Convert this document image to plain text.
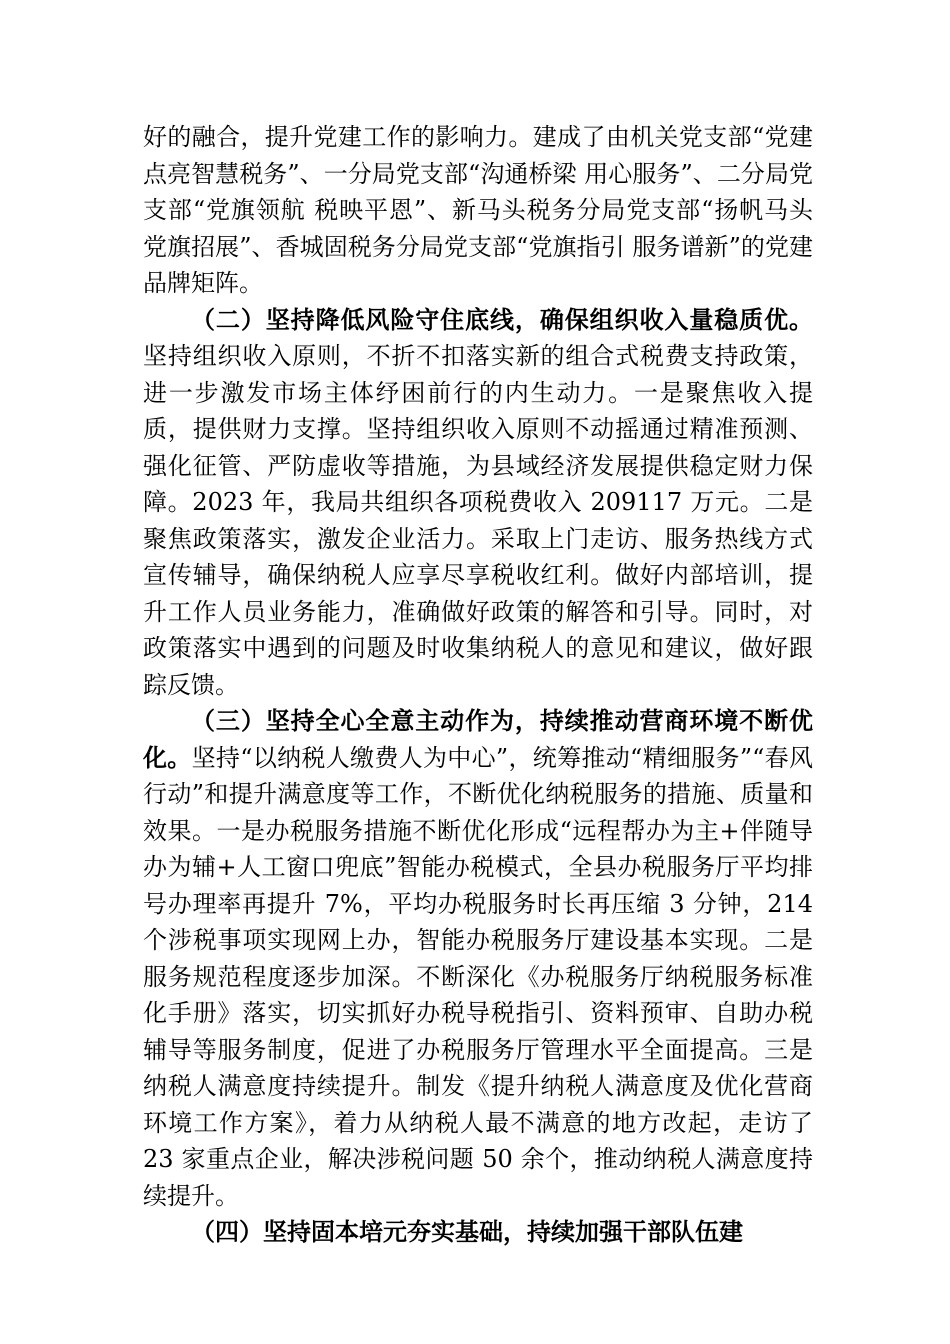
好的融合，提升党建工作的影响力。建成了由机关党支部“党建点亮智慧税务”、一分局党支部“沟通桥梁 用心服务”、二分局党支部“党旗领航 税映平恩”、新马头税务分局党支部“扬帆马头 党旗招展”、香城固税务分局党支部“党旗指引 服务谱新”的党建品牌矩阵。

（二）坚持降低风险守住底线，确保组织收入量稳质优。坚持组织收入原则，不折不扣落实新的组合式税费支持政策，进一步激发市场主体纾困前行的内生动力。一是聚焦收入提质，提供财力支撑。坚持组织收入原则不动摇通过精准预测、强化征管、严防虚收等措施，为县域经济发展提供稳定财力保障。2023 年，我局共组织各项税费收入 209117 万元。二是聚焦政策落实，激发企业活力。采取上门走访、服务热线方式宣传辅导，确保纳税人应享尽享税收红利。做好内部培训，提升工作人员业务能力，准确做好政策的解答和引导。同时，对政策落实中遇到的问题及时收集纳税人的意见和建议，做好跟踪反馈。

（三）坚持全心全意主动作为，持续推动营商环境不断优化。坚持“以纳税人缴费人为中心”，统筹推动“精细服务”“春风行动”和提升满意度等工作，不断优化纳税服务的措施、质量和效果。一是办税服务措施不断优化形成“远程帮办为主+伴随导办为辅+人工窗口兜底”智能办税模式，全县办税服务厅平均排号办理率再提升 7%，平均办税服务时长再压缩 3 分钟，214 个涉税事项实现网上办，智能办税服务厅建设基本实现。二是服务规范程度逐步加深。不断深化《办税服务厅纳税服务标准化手册》落实，切实抓好办税导税指引、资料预审、自助办税辅导等服务制度，促进了办税服务厅管理水平全面提高。三是纳税人满意度持续提升。制发《提升纳税人满意度及优化营商环境工作方案》，着力从纳税人最不满意的地方改起，走访了 23 家重点企业，解决涉税问题 50 余个，推动纳税人满意度持续提升。

（四）坚持固本培元夯实基础，持续加强干部队伍建
